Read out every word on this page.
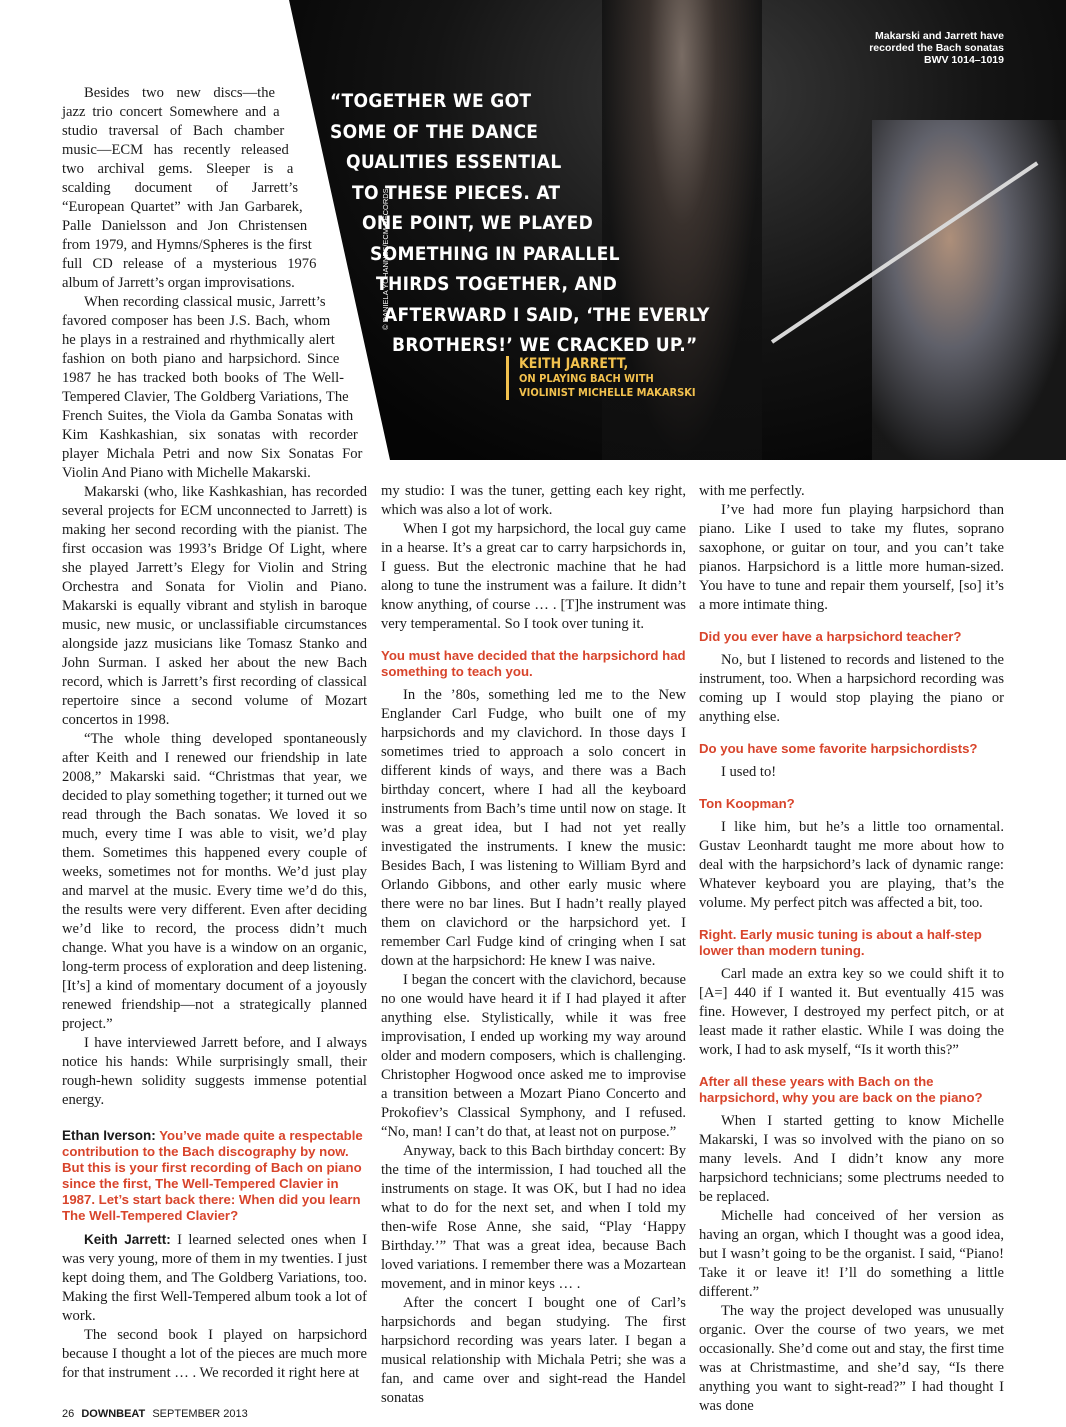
Makarski and Jarrett have
recorded the Bach sonatas
BWV 1014–1019
“TOGETHER WE GOT
SOME OF THE DANCE
QUALITIES ESSENTIAL
TO THESE PIECES. AT
ONE POINT, WE PLAYED
SOMETHING IN PARALLEL
THIRDS TOGETHER, AND
AFTERWARD I SAID, ‘THE EVERLY
BROTHERS!’ WE CRACKED UP.”
KEITH JARRETT,
ON PLAYING BACH WITH
VIOLINIST MICHELLE MAKARSKI
© DANIELA YOHANNES/ECM RECORDS

Besides two new discs—the jazz trio concert Somewhere and a studio traversal of Bach chamber music—ECM has recently released two archival gems. Sleeper is a scalding document of Jarrett’s “European Quartet” with Jan Garbarek, Palle Danielsson and Jon Christensen from 1979, and Hymns/Spheres is the first full CD release of a mysterious 1976 album of Jarrett’s organ improvisations.

When recording classical music, Jarrett’s favored composer has been J.S. Bach, whom he plays in a restrained and rhythmically alert fashion on both piano and harpsichord. Since 1987 he has tracked both books of The Well-Tempered Clavier, The Goldberg Variations, The French Suites, the Viola da Gamba Sonatas with Kim Kashkashian, six sonatas with recorder player Michala Petri and now Six Sonatas For Violin And Piano with Michelle Makarski.

Makarski (who, like Kashkashian, has recorded several projects for ECM unconnected to Jarrett) is making her second recording with the pianist. The first occasion was 1993’s Bridge Of Light, where she played Jarrett’s Elegy for Violin and String Orchestra and Sonata for Violin and Piano. Makarski is equally vibrant and stylish in baroque music, new music, or unclassifiable circumstances alongside jazz musicians like Tomasz Stanko and John Surman. I asked her about the new Bach record, which is Jarrett’s first recording of classical repertoire since a second volume of Mozart concertos in 1998.

“The whole thing developed spontaneously after Keith and I renewed our friendship in late 2008,” Makarski said. “Christmas that year, we decided to play something together; it turned out we read through the Bach sonatas. We loved it so much, every time I was able to visit, we’d play them. Sometimes this happened every couple of weeks, sometimes not for months. We’d just play and marvel at the music. Every time we’d do this, the results were very different. Even after deciding we’d like to record, the process didn’t much change. What you have is a window on an organic, long-term process of exploration and deep listening. [It’s] a kind of momentary document of a joyously renewed friendship—not a strategically planned project.”

I have interviewed Jarrett before, and I always notice his hands: While surprisingly small, their rough-hewn solidity suggests immense potential energy.

Ethan Iverson: You’ve made quite a respectable contribution to the Bach discography by now. But this is your first recording of Bach on piano since the first, The Well-Tempered Clavier in 1987. Let’s start back there: When did you learn The Well-Tempered Clavier?

Keith Jarrett: I learned selected ones when I was very young, more of them in my twenties. I just kept doing them, and The Goldberg Variations, too. Making the first Well-Tempered album took a lot of work.

The second book I played on harpsichord because I thought a lot of the pieces are much more for that instrument … . We recorded it right here at

my studio: I was the tuner, getting each key right, which was also a lot of work.

When I got my harpsichord, the local guy came in a hearse. It’s a great car to carry harpsichords in, I guess. But the electronic machine that he had along to tune the instrument was a failure. It didn’t know anything, of course … . [T]he instrument was very temperamental. So I took over tuning it.

You must have decided that the harpsichord had something to teach you.

In the ’80s, something led me to the New Englander Carl Fudge, who built one of my harpsichords and my clavichord. In those days I sometimes tried to approach a solo concert in different kinds of ways, and there was a Bach birthday concert, where I had all the keyboard instruments from Bach’s time until now on stage. It was a great idea, but I had not yet really investigated the instruments. I knew the music: Besides Bach, I was listening to William Byrd and Orlando Gibbons, and other early music where there were no bar lines. But I hadn’t really played them on clavichord or the harpsichord yet. I remember Carl Fudge kind of cringing when I sat down at the harpsichord: He knew I was naive.

I began the concert with the clavichord, because no one would have heard it if I had played it after anything else. Stylistically, while it was free improvisation, I ended up working my way around older and modern composers, which is challenging. Christopher Hogwood once asked me to improvise a transition between a Mozart Piano Concerto and Prokofiev’s Classical Symphony, and I refused. “No, man! I can’t do that, at least not on purpose.”

Anyway, back to this Bach birthday concert: By the time of the intermission, I had touched all the instruments on stage. It was OK, but I had no idea what to do for the next set, and when I told my then-wife Rose Anne, she said, “Play ‘Happy Birthday.’” That was a great idea, because Bach loved variations. I remember there was a Mozartean movement, and in minor keys … .

After the concert I bought one of Carl’s harpsichords and began studying. The first harpsichord recording was years later. I began a musical relationship with Michala Petri; she was a fan, and came over and sight-read the Handel sonatas

with me perfectly.

I’ve had more fun playing harpsichord than piano. Like I used to take my flutes, soprano saxophone, or guitar on tour, and you can’t take pianos. Harpsichord is a little more human-sized. You have to tune and repair them yourself, [so] it’s a more intimate thing.

Did you ever have a harpsichord teacher?

No, but I listened to records and listened to the instrument, too. When a harpsichord recording was coming up I would stop playing the piano or anything else.

Do you have some favorite harpsichordists?

I used to!

Ton Koopman?

I like him, but he’s a little too ornamental. Gustav Leonhardt taught me more about how to deal with the harpsichord’s lack of dynamic range: Whatever keyboard you are playing, that’s the volume. My perfect pitch was affected a bit, too.

Right. Early music tuning is about a half-step lower than modern tuning.

Carl made an extra key so we could shift it to [A=] 440 if I wanted it. But eventually 415 was fine. However, I destroyed my perfect pitch, or at least made it rather elastic. While I was doing the work, I had to ask myself, “Is it worth this?”

After all these years with Bach on the harpsichord, why you are back on the piano?

When I started getting to know Michelle Makarski, I was so involved with the piano on so many levels. And I didn’t know any more harpsichord technicians; some plectrums needed to be replaced.

Michelle had conceived of her version as having an organ, which I thought was a good idea, but I wasn’t going to be the organist. I said, “Piano! Take it or leave it! I’ll do something a little different.”

The way the project developed was unusually organic. Over the course of two years, we met occasionally. She’d come out and stay, the first time was at Christmastime, and she’d say, “Is there anything you want to sight-read?” I had thought I was done

26 DOWNBEAT SEPTEMBER 2013
